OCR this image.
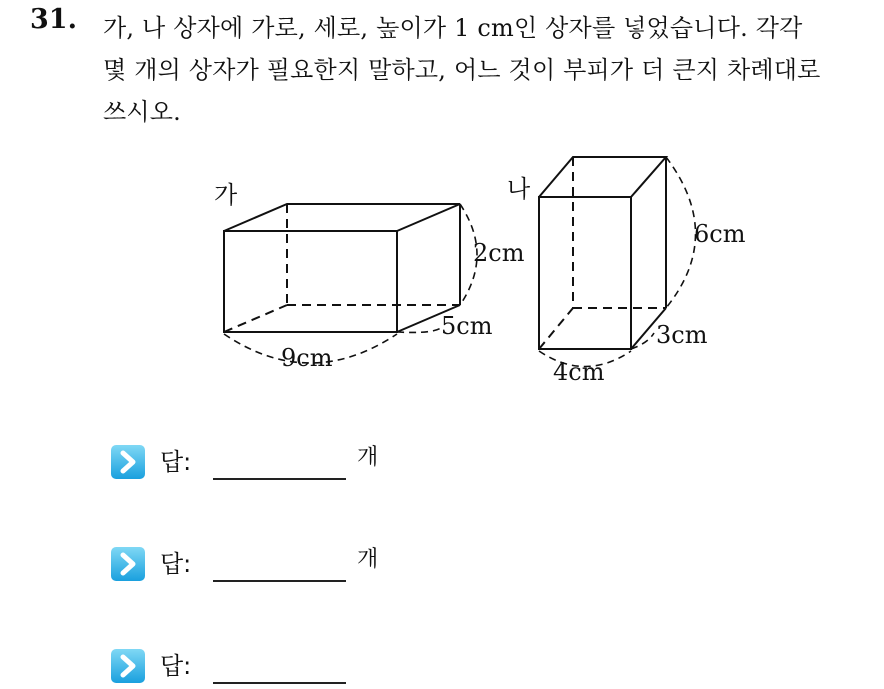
31. 가, 나 상자에 가로, 세로, 높이가 1 cm인 상자를 넣었습니다. 각각
몇 개의 상자가 필요한지 말하고, 어느 것이 부피가 더 큰지 차례대로
쓰시오.
가
9cm
2cm
5cm
나
6cm
4cm
3cm
답:	개
답:	개
답:
